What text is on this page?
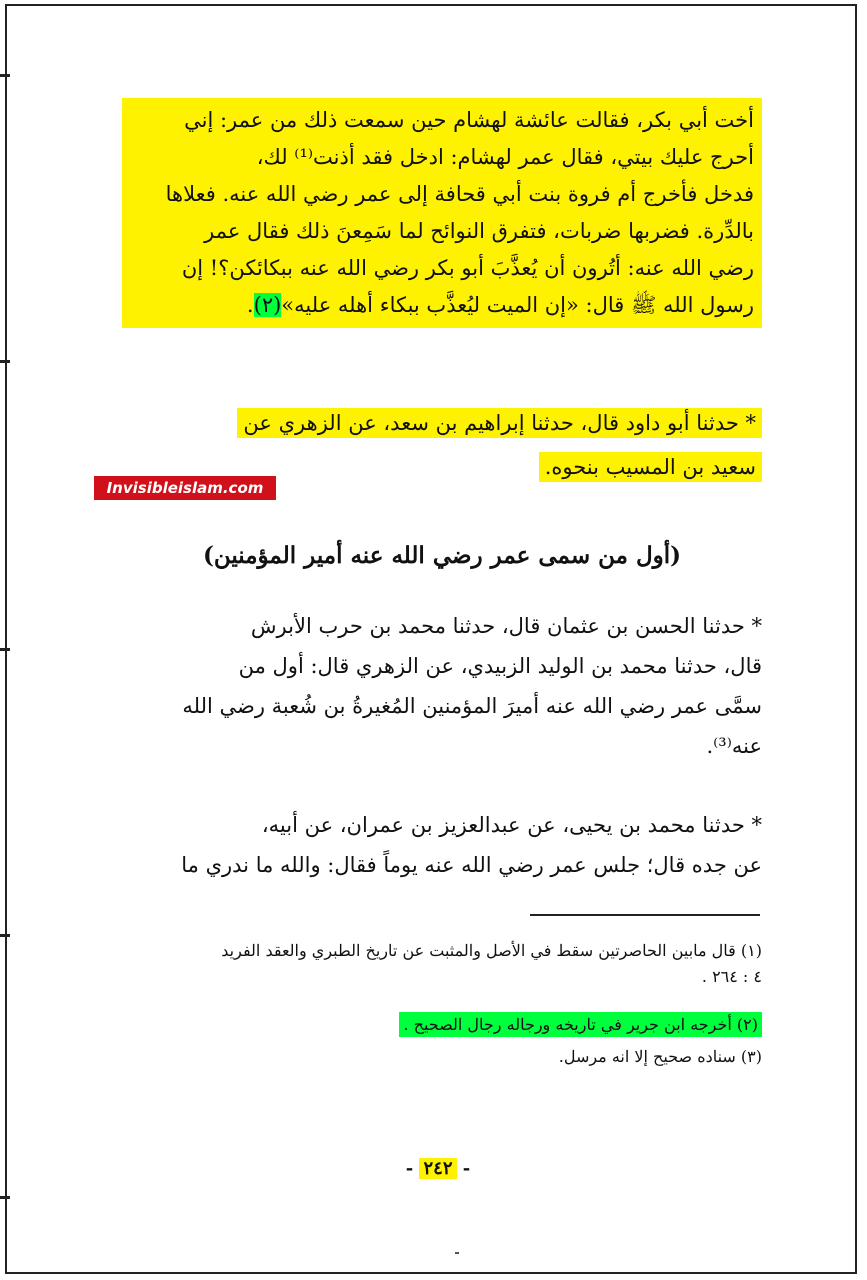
أخت أبي بكر، فقالت عائشة لهشام حين سمعت ذلك من عمر: إني
أحرج عليك بيتي، فقال عمر لهشام: ادخل فقد أذنت⁽¹⁾ لك،
فدخل فأخرج أم فروة بنت أبي قحافة إلى عمر رضي الله عنه. فعلاها
بالدِّرة. فضربها ضربات، فتفرق النوائح لما سَمِعنَ ذلك فقال عمر
رضي الله عنه: أتُرون أن يُعذَّبَ أبو بكر رضي الله عنه ببكائكن؟! إن
رسول الله ﷺ قال: «إن الميت ليُعذَّب ببكاء أهله عليه»(٢).
* حدثنا أبو داود قال، حدثنا إبراهيم بن سعد، عن الزهري عن
سعيد بن المسيب بنحوه.
Invisibleislam.com
(أول من سمى عمر رضي الله عنه أمير المؤمنين)
* حدثنا الحسن بن عثمان قال، حدثنا محمد بن حرب الأبرش
قال، حدثنا محمد بن الوليد الزبيدي، عن الزهري قال: أول من
سمَّى عمر رضي الله عنه أميرَ المؤمنين المُغيرةُ بن شُعبة رضي الله
عنه⁽³⁾.
* حدثنا محمد بن يحيى، عن عبدالعزيز بن عمران، عن أبيه،
عن جده قال؛ جلس عمر رضي الله عنه يوماً فقال: والله ما ندري ما
(١) قال مابين الحاصرتين سقط في الأصل والمثبت عن تاريخ الطبري والعقد الفريد
٤ : ٢٦٤ .
(٢) أخرجه ابن جرير في تاريخه ورجاله رجال الصحيح .
(٣) سناده صحيح إلا انه مرسل.
- ٢٤٢ -
